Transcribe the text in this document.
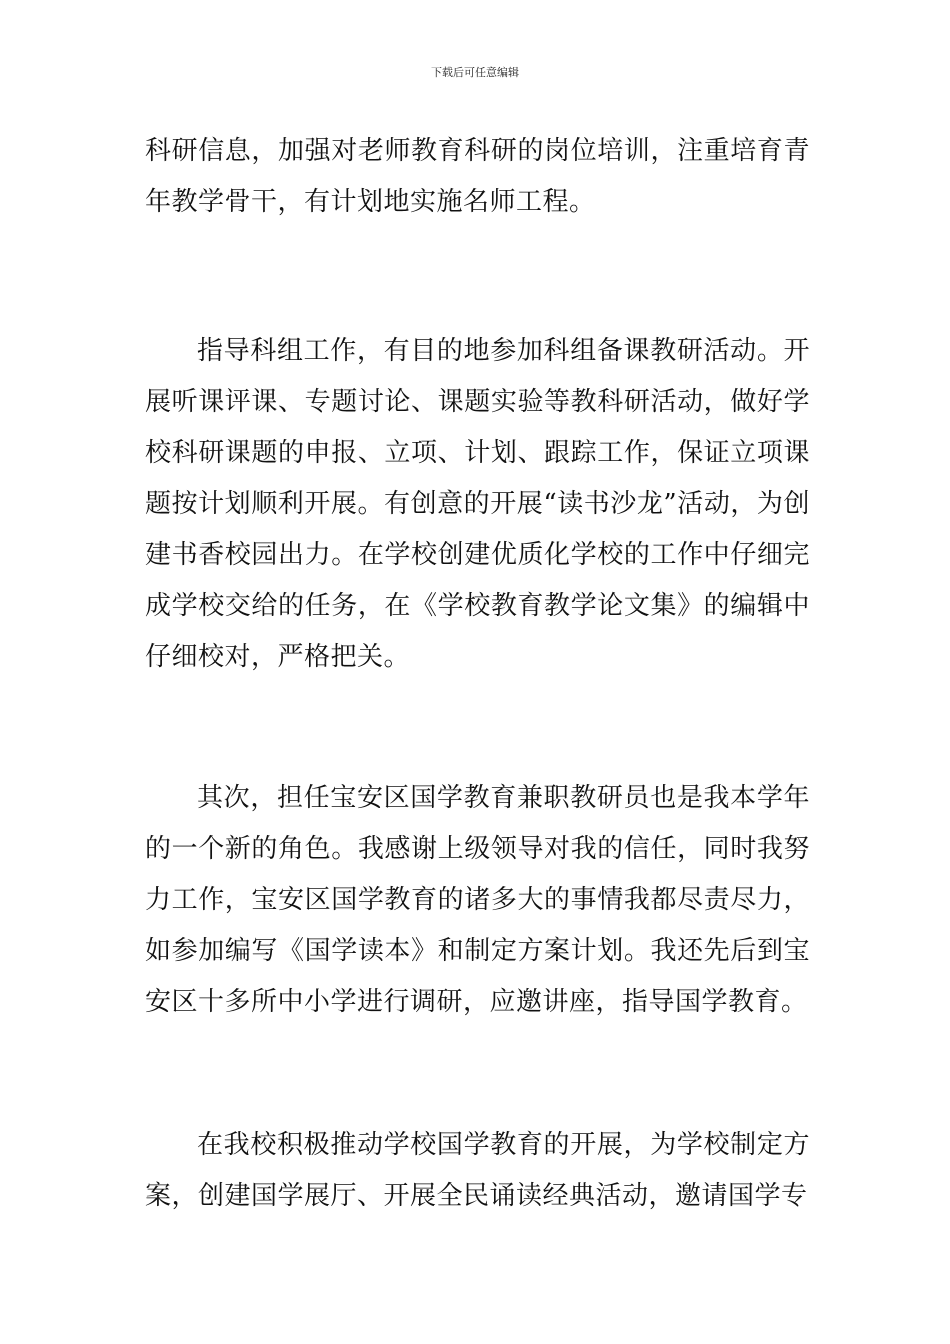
下载后可任意编辑

科研信息，加强对老师教育科研的岗位培训，注重培育青年教学骨干，有计划地实施名师工程。

指导科组工作，有目的地参加科组备课教研活动。开展听课评课、专题讨论、课题实验等教科研活动，做好学校科研课题的申报、立项、计划、跟踪工作，保证立项课题按计划顺利开展。有创意的开展“读书沙龙”活动，为创建书香校园出力。在学校创建优质化学校的工作中仔细完成学校交给的任务，在《学校教育教学论文集》的编辑中仔细校对，严格把关。

其次，担任宝安区国学教育兼职教研员也是我本学年的一个新的角色。我感谢上级领导对我的信任，同时我努力工作，宝安区国学教育的诸多大的事情我都尽责尽力，如参加编写《国学读本》和制定方案计划。我还先后到宝安区十多所中小学进行调研，应邀讲座，指导国学教育。

在我校积极推动学校国学教育的开展，为学校制定方案，创建国学展厅、开展全民诵读经典活动，邀请国学专
